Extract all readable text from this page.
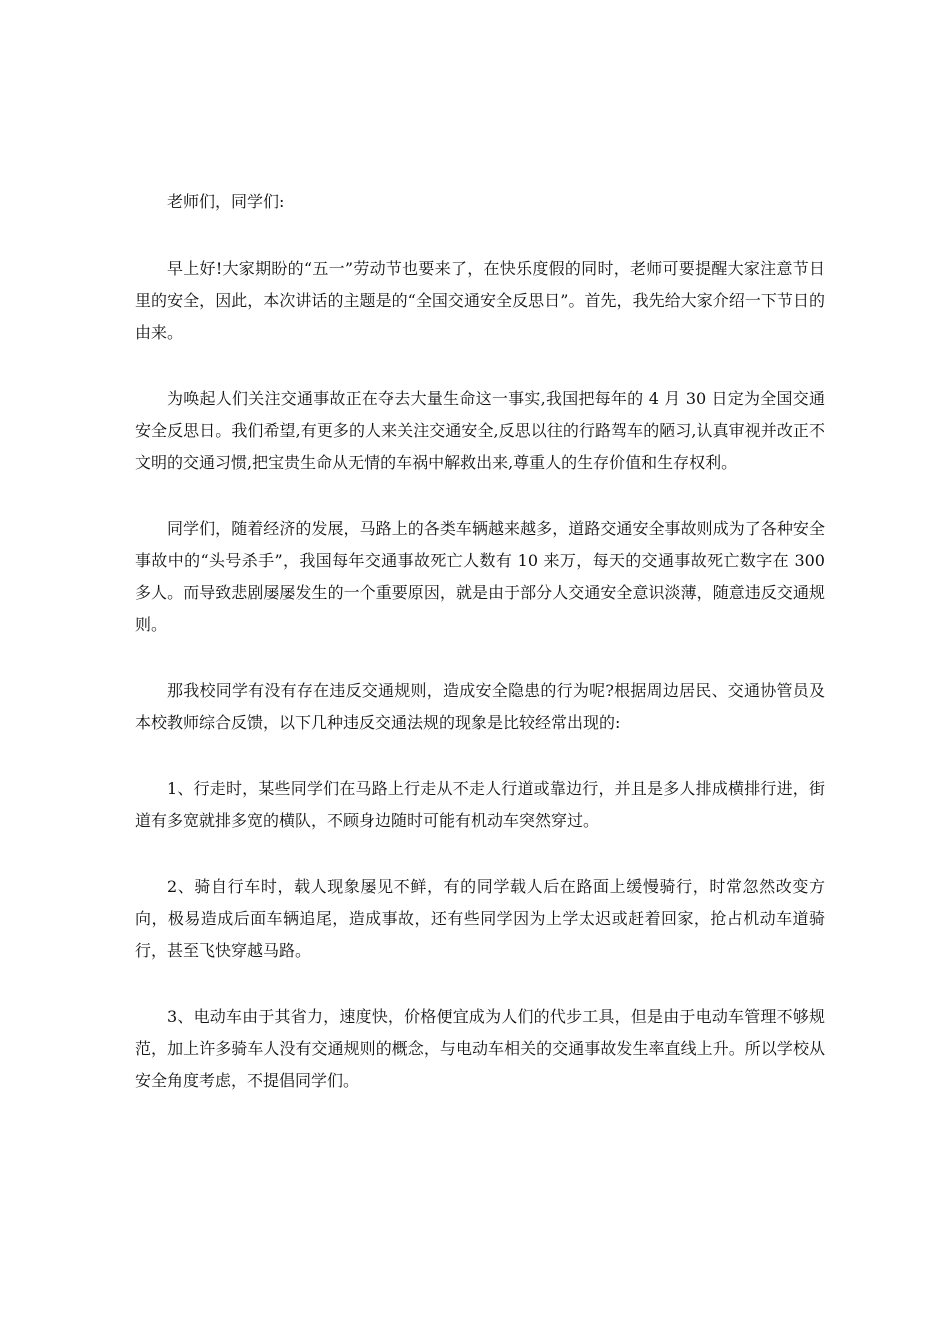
老师们，同学们:

早上好!大家期盼的“五一”劳动节也要来了，在快乐度假的同时，老师可要提醒大家注意节日里的安全，因此，本次讲话的主题是的“全国交通安全反思日”。首先，我先给大家介绍一下节日的由来。

为唤起人们关注交通事故正在夺去大量生命这一事实,我国把每年的 4 月 30 日定为全国交通安全反思日。我们希望,有更多的人来关注交通安全,反思以往的行路驾车的陋习,认真审视并改正不文明的交通习惯,把宝贵生命从无情的车祸中解救出来,尊重人的生存价值和生存权利。

同学们，随着经济的发展，马路上的各类车辆越来越多，道路交通安全事故则成为了各种安全事故中的“头号杀手”，我国每年交通事故死亡人数有 10 来万，每天的交通事故死亡数字在 300 多人。而导致悲剧屡屡发生的一个重要原因，就是由于部分人交通安全意识淡薄，随意违反交通规则。

那我校同学有没有存在违反交通规则，造成安全隐患的行为呢?根据周边居民、交通协管员及本校教师综合反馈，以下几种违反交通法规的现象是比较经常出现的:

1、行走时，某些同学们在马路上行走从不走人行道或靠边行，并且是多人排成横排行进，街道有多宽就排多宽的横队，不顾身边随时可能有机动车突然穿过。

2、骑自行车时，载人现象屡见不鲜，有的同学载人后在路面上缓慢骑行，时常忽然改变方向，极易造成后面车辆追尾，造成事故，还有些同学因为上学太迟或赶着回家，抢占机动车道骑行，甚至飞快穿越马路。

3、电动车由于其省力，速度快，价格便宜成为人们的代步工具，但是由于电动车管理不够规范，加上许多骑车人没有交通规则的概念，与电动车相关的交通事故发生率直线上升。所以学校从安全角度考虑，不提倡同学们。
